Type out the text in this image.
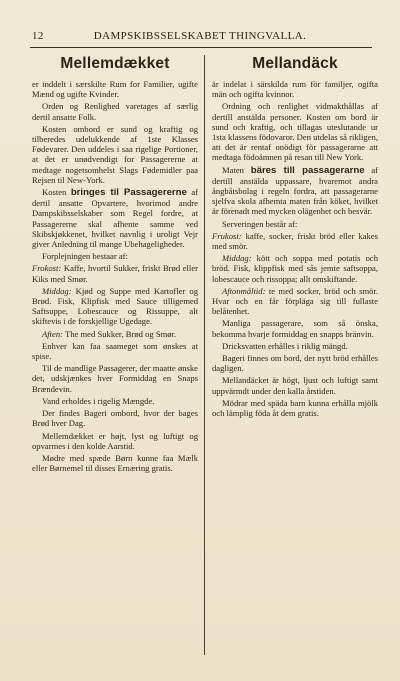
12	DAMPSKIBSSELSKABET THINGVALLA.
Mellemdækket

er inddelt i særskilte Rum for Familier, ugifte Mænd og ugifte Kvinder.

Orden og Renlighed varetages af særlig dertil ansatte Folk.

Kosten ombord er sund og kraftig og tilberedes udelukkende af 1ste Klasses Fødevarer. Den uddeles i saa rigelige Portioner, at det er unødvendigt for Passagererne at medtage nogetsomhelst Slags Fødemidler paa Rejsen til New-York.

Kosten bringes til Passagererne af dertil ansatte Opvartere, hvorimod andre Dampskibsselskaber som Regel fordre, at Passagererne skal afhente samme ved Skibskjøkkenet, hvilket navnlig i uroligt Vejr giver Anledning til mange Ubehageligheder.

Forplejningen bestaar af:

Frokost: Kaffe, hvortil Sukker, friskt Brød eller Kiks med Smør.

Middag: Kjød og Suppe med Kartofler og Brød. Fisk, Klipfisk med Sauce tilligemed Saftsuppe, Lobescauce og Rissuppe, alt skiftevis i de forskjellige Ugedage.

Aften: The med Sukker, Brød og Smør.

Enhver kan faa saameget som ønskes at spise.

Til de mandlige Passagerer, der maatte ønske det, udskjænkes hver Formiddag en Snaps Brændevin.

Vand erholdes i rigelig Mængde.

Der findes Bageri ombord, hvor der bages Brød hver Dag.

Mellemdækket er højt, lyst og luftigt og opvarmes i den kolde Aarstid.

Mødre med spæde Børn kunne faa Mælk eller Børnemel til disses Ernæring gratis.

Mellandäck

är indelat i särskilda rum för familjer, ogifta män och ogifta kvinnor.

Ordning och renlighet vidmakthållas af dertill anstälda personer. Kosten om bord är sund och kraftig, och tillagas uteslutande ur 1sta klassens födovaror. Den utdelas så rikligen, att det är rentaf onödigt för passagerarne att medtaga födoämnen på resan till New York.

Maten bäres till passagerarne af dertill anstälda uppassare, hvaremot andra ångbåtsbolag i regeln fordra, att passagerarne sjelfva skola afhemta maten från köket, hvilket är förenadt med mycken olägenhet och besvär.

Serveringen består af:

Frukost: kaffe, socker, friskt bröd eller kakes med smör.

Middag: kött och soppa med potatis och bröd. Fisk, klippfisk med sås jemte saftsoppa, lobescauce och rissoppa; allt omskiftande.

Aftonmåltid: te med socker, bröd och smör. Hvar och en får förpläga sig till fullaste belåtenhet.

Manliga passagerare, som så önska, bekomma hvarje formiddag en snapps bränvin.

Dricksvatten erhålles i riklig mängd.

Bageri finnes om bord, der nytt bröd erhålles dagligen.

Mellandäcket är högt, ljust och luftigt samt uppvärmdt under den kalla årstiden.

Mödrar med späda barn kunna erhålla mjölk och lämplig föda åt dem gratis.
